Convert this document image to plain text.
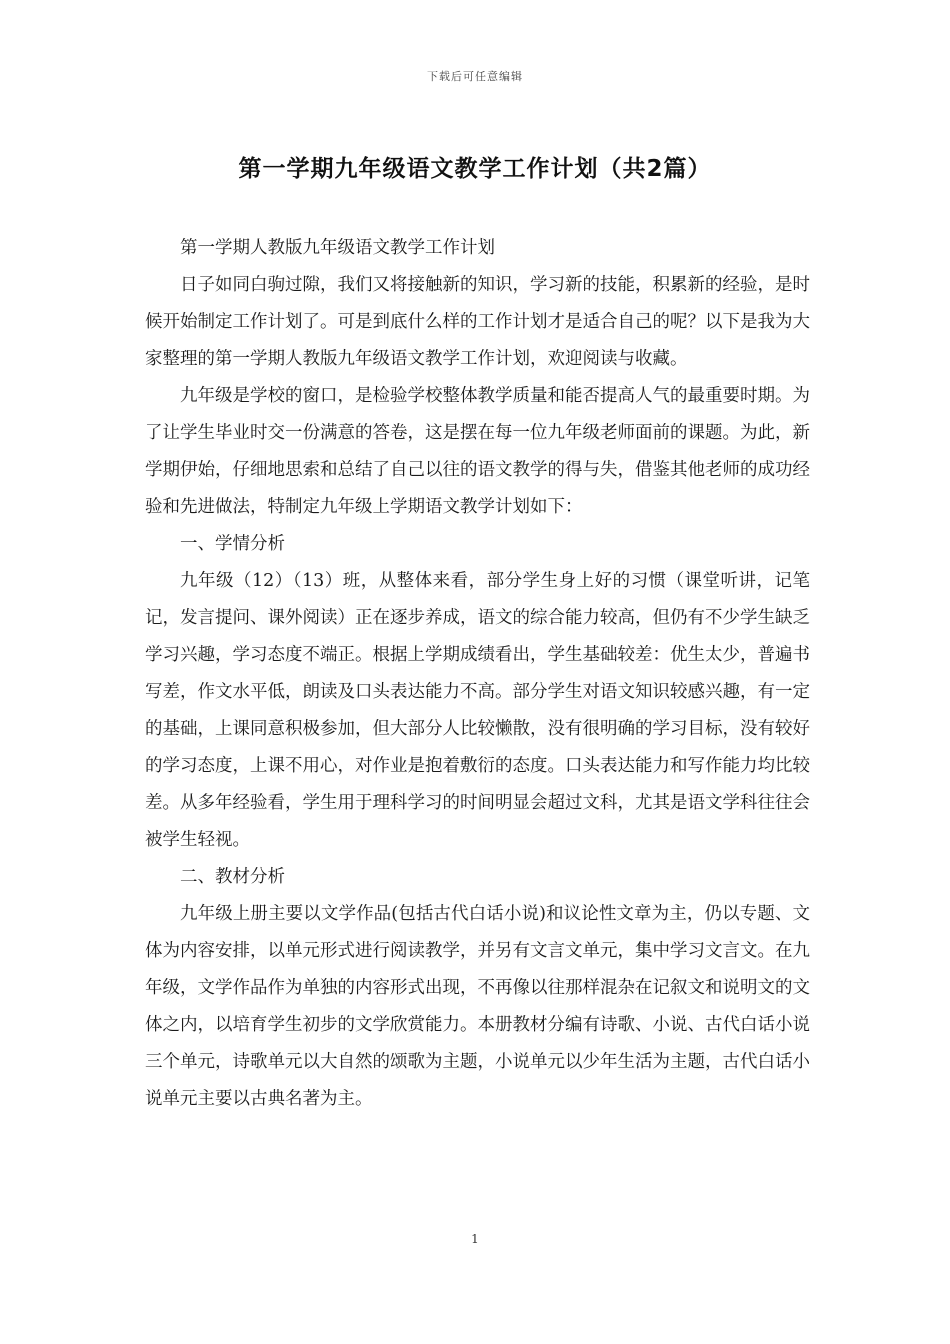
下载后可任意编辑
第一学期九年级语文教学工作计划（共2篇）

第一学期人教版九年级语文教学工作计划

日子如同白驹过隙，我们又将接触新的知识，学习新的技能，积累新的经验，是时候开始制定工作计划了。可是到底什么样的工作计划才是适合自己的呢？以下是我为大家整理的第一学期人教版九年级语文教学工作计划，欢迎阅读与收藏。

九年级是学校的窗口，是检验学校整体教学质量和能否提高人气的最重要时期。为了让学生毕业时交一份满意的答卷，这是摆在每一位九年级老师面前的课题。为此，新学期伊始，仔细地思索和总结了自己以往的语文教学的得与失，借鉴其他老师的成功经验和先进做法，特制定九年级上学期语文教学计划如下：

一、学情分析

九年级（12）（13）班，从整体来看，部分学生身上好的习惯（课堂听讲，记笔记，发言提问、课外阅读）正在逐步养成，语文的综合能力较高，但仍有不少学生缺乏学习兴趣，学习态度不端正。根据上学期成绩看出，学生基础较差：优生太少，普遍书写差，作文水平低，朗读及口头表达能力不高。部分学生对语文知识较感兴趣，有一定的基础，上课同意积极参加，但大部分人比较懒散，没有很明确的学习目标，没有较好的学习态度，上课不用心，对作业是抱着敷衍的态度。口头表达能力和写作能力均比较差。从多年经验看，学生用于理科学习的时间明显会超过文科，尤其是语文学科往往会被学生轻视。

二、教材分析

九年级上册主要以文学作品(包括古代白话小说)和议论性文章为主，仍以专题、文体为内容安排，以单元形式进行阅读教学，并另有文言文单元，集中学习文言文。在九年级，文学作品作为单独的内容形式出现，不再像以往那样混杂在记叙文和说明文的文体之内，以培育学生初步的文学欣赏能力。本册教材分编有诗歌、小说、古代白话小说三个单元，诗歌单元以大自然的颂歌为主题，小说单元以少年生活为主题，古代白话小说单元主要以古典名著为主。

1
